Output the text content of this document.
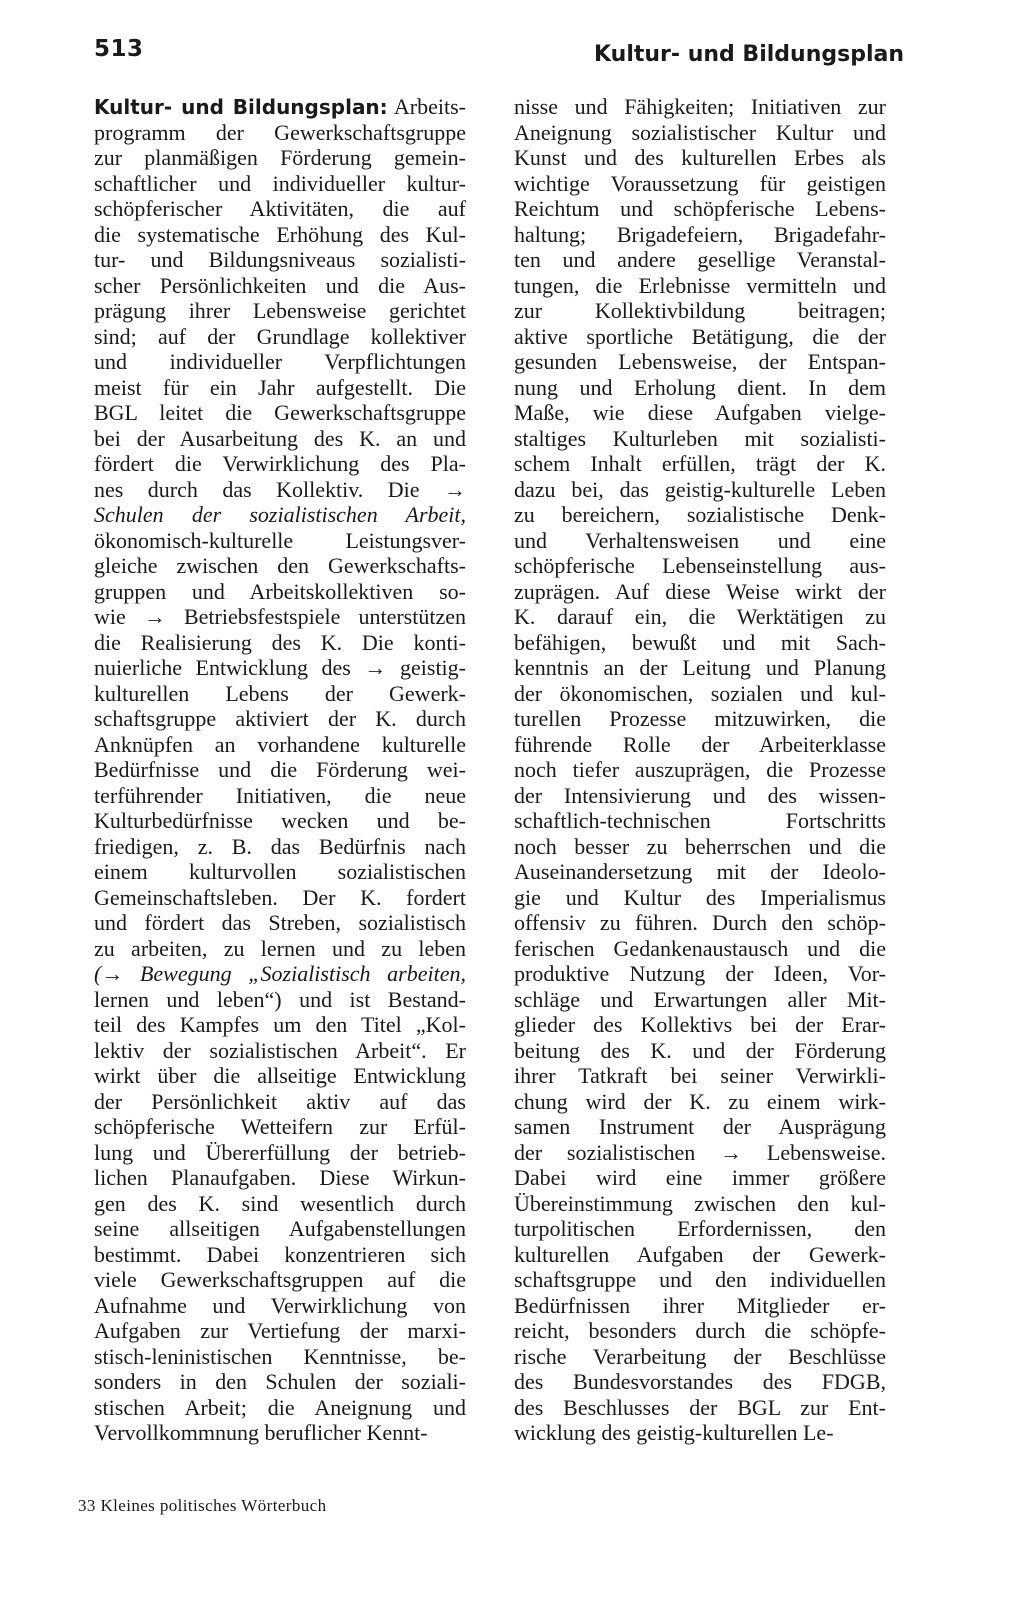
513	Kultur- und Bildungsplan
Kultur- und Bildungsplan: Arbeits-
programm der Gewerkschaftsgruppe
zur planmäßigen Förderung gemein-
schaftlicher und individueller kultur-
schöpferischer Aktivitäten, die auf
die systematische Erhöhung des Kul-
tur- und Bildungsniveaus sozialisti-
scher Persönlichkeiten und die Aus-
prägung ihrer Lebensweise gerichtet
sind; auf der Grundlage kollektiver
und individueller Verpflichtungen
meist für ein Jahr aufgestellt. Die
BGL leitet die Gewerkschaftsgruppe
bei der Ausarbeitung des K. an und
fördert die Verwirklichung des Pla-
nes durch das Kollektiv. Die →
Schulen der sozialistischen Arbeit,
ökonomisch-kulturelle Leistungsver-
gleiche zwischen den Gewerkschafts-
gruppen und Arbeitskollektiven so-
wie → Betriebsfestspiele unterstützen
die Realisierung des K. Die konti-
nuierliche Entwicklung des → geistig-
kulturellen Lebens der Gewerk-
schaftsgruppe aktiviert der K. durch
Anknüpfen an vorhandene kulturelle
Bedürfnisse und die Förderung wei-
terführender Initiativen, die neue
Kulturbedürfnisse wecken und be-
friedigen, z. B. das Bedürfnis nach
einem kulturvollen sozialistischen
Gemeinschaftsleben. Der K. fordert
und fördert das Streben, sozialistisch
zu arbeiten, zu lernen und zu leben
(→ Bewegung „Sozialistisch arbeiten,
lernen und leben“) und ist Bestand-
teil des Kampfes um den Titel „Kol-
lektiv der sozialistischen Arbeit“. Er
wirkt über die allseitige Entwicklung
der Persönlichkeit aktiv auf das
schöpferische Wetteifern zur Erfül-
lung und Übererfüllung der betrieb-
lichen Planaufgaben. Diese Wirkun-
gen des K. sind wesentlich durch
seine allseitigen Aufgabenstellungen
bestimmt. Dabei konzentrieren sich
viele Gewerkschaftsgruppen auf die
Aufnahme und Verwirklichung von
Aufgaben zur Vertiefung der marxi-
stisch-leninistischen Kenntnisse, be-
sonders in den Schulen der soziali-
stischen Arbeit; die Aneignung und
Vervollkommnung beruflicher Kennt-
nisse und Fähigkeiten; Initiativen zur
Aneignung sozialistischer Kultur und
Kunst und des kulturellen Erbes als
wichtige Voraussetzung für geistigen
Reichtum und schöpferische Lebens-
haltung; Brigadefeiern, Brigadefahr-
ten und andere gesellige Veranstal-
tungen, die Erlebnisse vermitteln und
zur Kollektivbildung beitragen;
aktive sportliche Betätigung, die der
gesunden Lebensweise, der Entspan-
nung und Erholung dient. In dem
Maße, wie diese Aufgaben vielge-
staltiges Kulturleben mit sozialisti-
schem Inhalt erfüllen, trägt der K.
dazu bei, das geistig-kulturelle Leben
zu bereichern, sozialistische Denk-
und Verhaltensweisen und eine
schöpferische Lebenseinstellung aus-
zuprägen. Auf diese Weise wirkt der
K. darauf ein, die Werktätigen zu
befähigen, bewußt und mit Sach-
kenntnis an der Leitung und Planung
der ökonomischen, sozialen und kul-
turellen Prozesse mitzuwirken, die
führende Rolle der Arbeiterklasse
noch tiefer auszuprägen, die Prozesse
der Intensivierung und des wissen-
schaftlich-technischen Fortschritts
noch besser zu beherrschen und die
Auseinandersetzung mit der Ideolo-
gie und Kultur des Imperialismus
offensiv zu führen. Durch den schöp-
ferischen Gedankenaustausch und die
produktive Nutzung der Ideen, Vor-
schläge und Erwartungen aller Mit-
glieder des Kollektivs bei der Erar-
beitung des K. und der Förderung
ihrer Tatkraft bei seiner Verwirkli-
chung wird der K. zu einem wirk-
samen Instrument der Ausprägung
der sozialistischen → Lebensweise.
Dabei wird eine immer größere
Übereinstimmung zwischen den kul-
turpolitischen Erfordernissen, den
kulturellen Aufgaben der Gewerk-
schaftsgruppe und den individuellen
Bedürfnissen ihrer Mitglieder er-
reicht, besonders durch die schöpfe-
rische Verarbeitung der Beschlüsse
des Bundesvorstandes des FDGB,
des Beschlusses der BGL zur Ent-
wicklung des geistig-kulturellen Le-
33 Kleines politisches Wörterbuch
